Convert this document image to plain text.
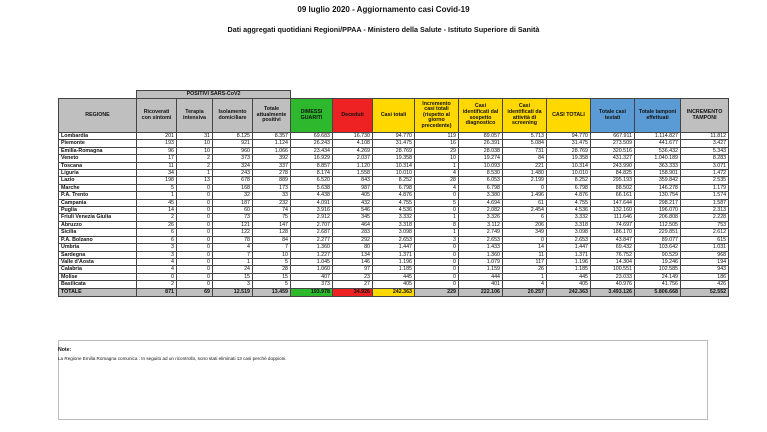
09 luglio 2020 - Aggiornamento casi Covid-19
Dati aggregati quotidiani Regioni/PPAA - Ministero della Salute - Istituto Superiore di Sanità
	POSITIVI SARS-CoV2													
REGIONE	Ricoverati con sintomi	Terapia intensiva	Isolamento domiciliare	Totale attualmente positivi	DIMESSI GUARITI	Deceduti	Casi totali	Incremento casi totali (rispetto al giorno precedente)	Casi identificati dal sospetto diagnostico	Casi identificati da attività di screening	CASI TOTALI	Totale casi testati	Totale tamponi effettuati	INCREMENTO TAMPONI
Lombardia	201	31	8.125	8.357	69.683	16.730	94.770	119	89.057	5.713	94.770	667.911	1.114.827	11.812
Piemonte	193	10	921	1.124	26.243	4.108	31.475	16	26.391	5.084	31.475	273.509	441.677	3.427
Emilia-Romagna	96	10	960	1.066	23.434	4.269	28.769	29	28.038	731	28.769	320.516	536.432	5.343
Veneto	17	2	373	392	16.929	2.037	19.358	10	19.274	84	19.358	431.327	1.040.189	8.283
Toscana	11	2	324	337	8.857	1.120	10.314	1	10.093	221	10.314	243.990	363.333	3.071
Liguria	34	1	243	278	8.174	1.558	10.010	4	8.530	1.480	10.010	84.825	158.901	1.472
Lazio	198	13	678	889	6.520	843	8.252	28	6.053	2.199	8.252	295.193	359.842	2.535
Marche	5	0	168	173	5.638	987	6.798	4	6.798	0	6.798	88.502	146.278	1.179
P.A. Trento	1	0	32	33	4.438	405	4.876	0	3.380	1.496	4.876	66.161	130.754	1.574
Campania	45	0	187	232	4.091	432	4.755	5	4.694	61	4.755	147.644	298.217	1.587
Puglia	14	0	60	74	3.916	546	4.536	0	2.082	2.454	4.536	132.160	196.070	2.313
Friuli Venezia Giulia	2	0	73	75	2.912	345	3.332	1	3.326	6	3.332	111.646	206.808	2.228
Abruzzo	26	0	121	147	2.707	464	3.318	8	3.112	206	3.318	74.697	112.505	753
Sicilia	6	0	122	128	2.687	283	3.098	1	2.749	349	3.098	186.170	229.851	2.612
P.A. Bolzano	6	0	78	84	2.277	292	2.653	3	2.653	0	2.653	43.847	89.077	615
Umbria	3	0	4	7	1.360	80	1.447	0	1.433	14	1.447	69.432	103.642	1.031
Sardegna	3	0	7	10	1.227	134	1.371	0	1.360	11	1.371	76.752	90.529	968
Valle d'Aosta	4	0	1	5	1.045	146	1.196	0	1.079	117	1.196	14.304	19.246	194
Calabria	4	0	24	28	1.060	97	1.185	0	1.159	26	1.185	100.551	102.585	943
Molise	0	0	15	15	407	23	445	0	444	1	445	23.033	24.149	186
Basilicata	2	0	3	5	373	27	405	0	401	4	405	40.976	41.756	426
TOTALE	871	69	12.519	13.459	193.978	34.926	242.363	229	222.106	20.257	242.363	3.493.126	5.806.668	52.552
Note:
La Regione Emilia Romagna comunica : In seguito ad un ricontrollo, sono stati eliminati 13 casi perchè doppioni.
